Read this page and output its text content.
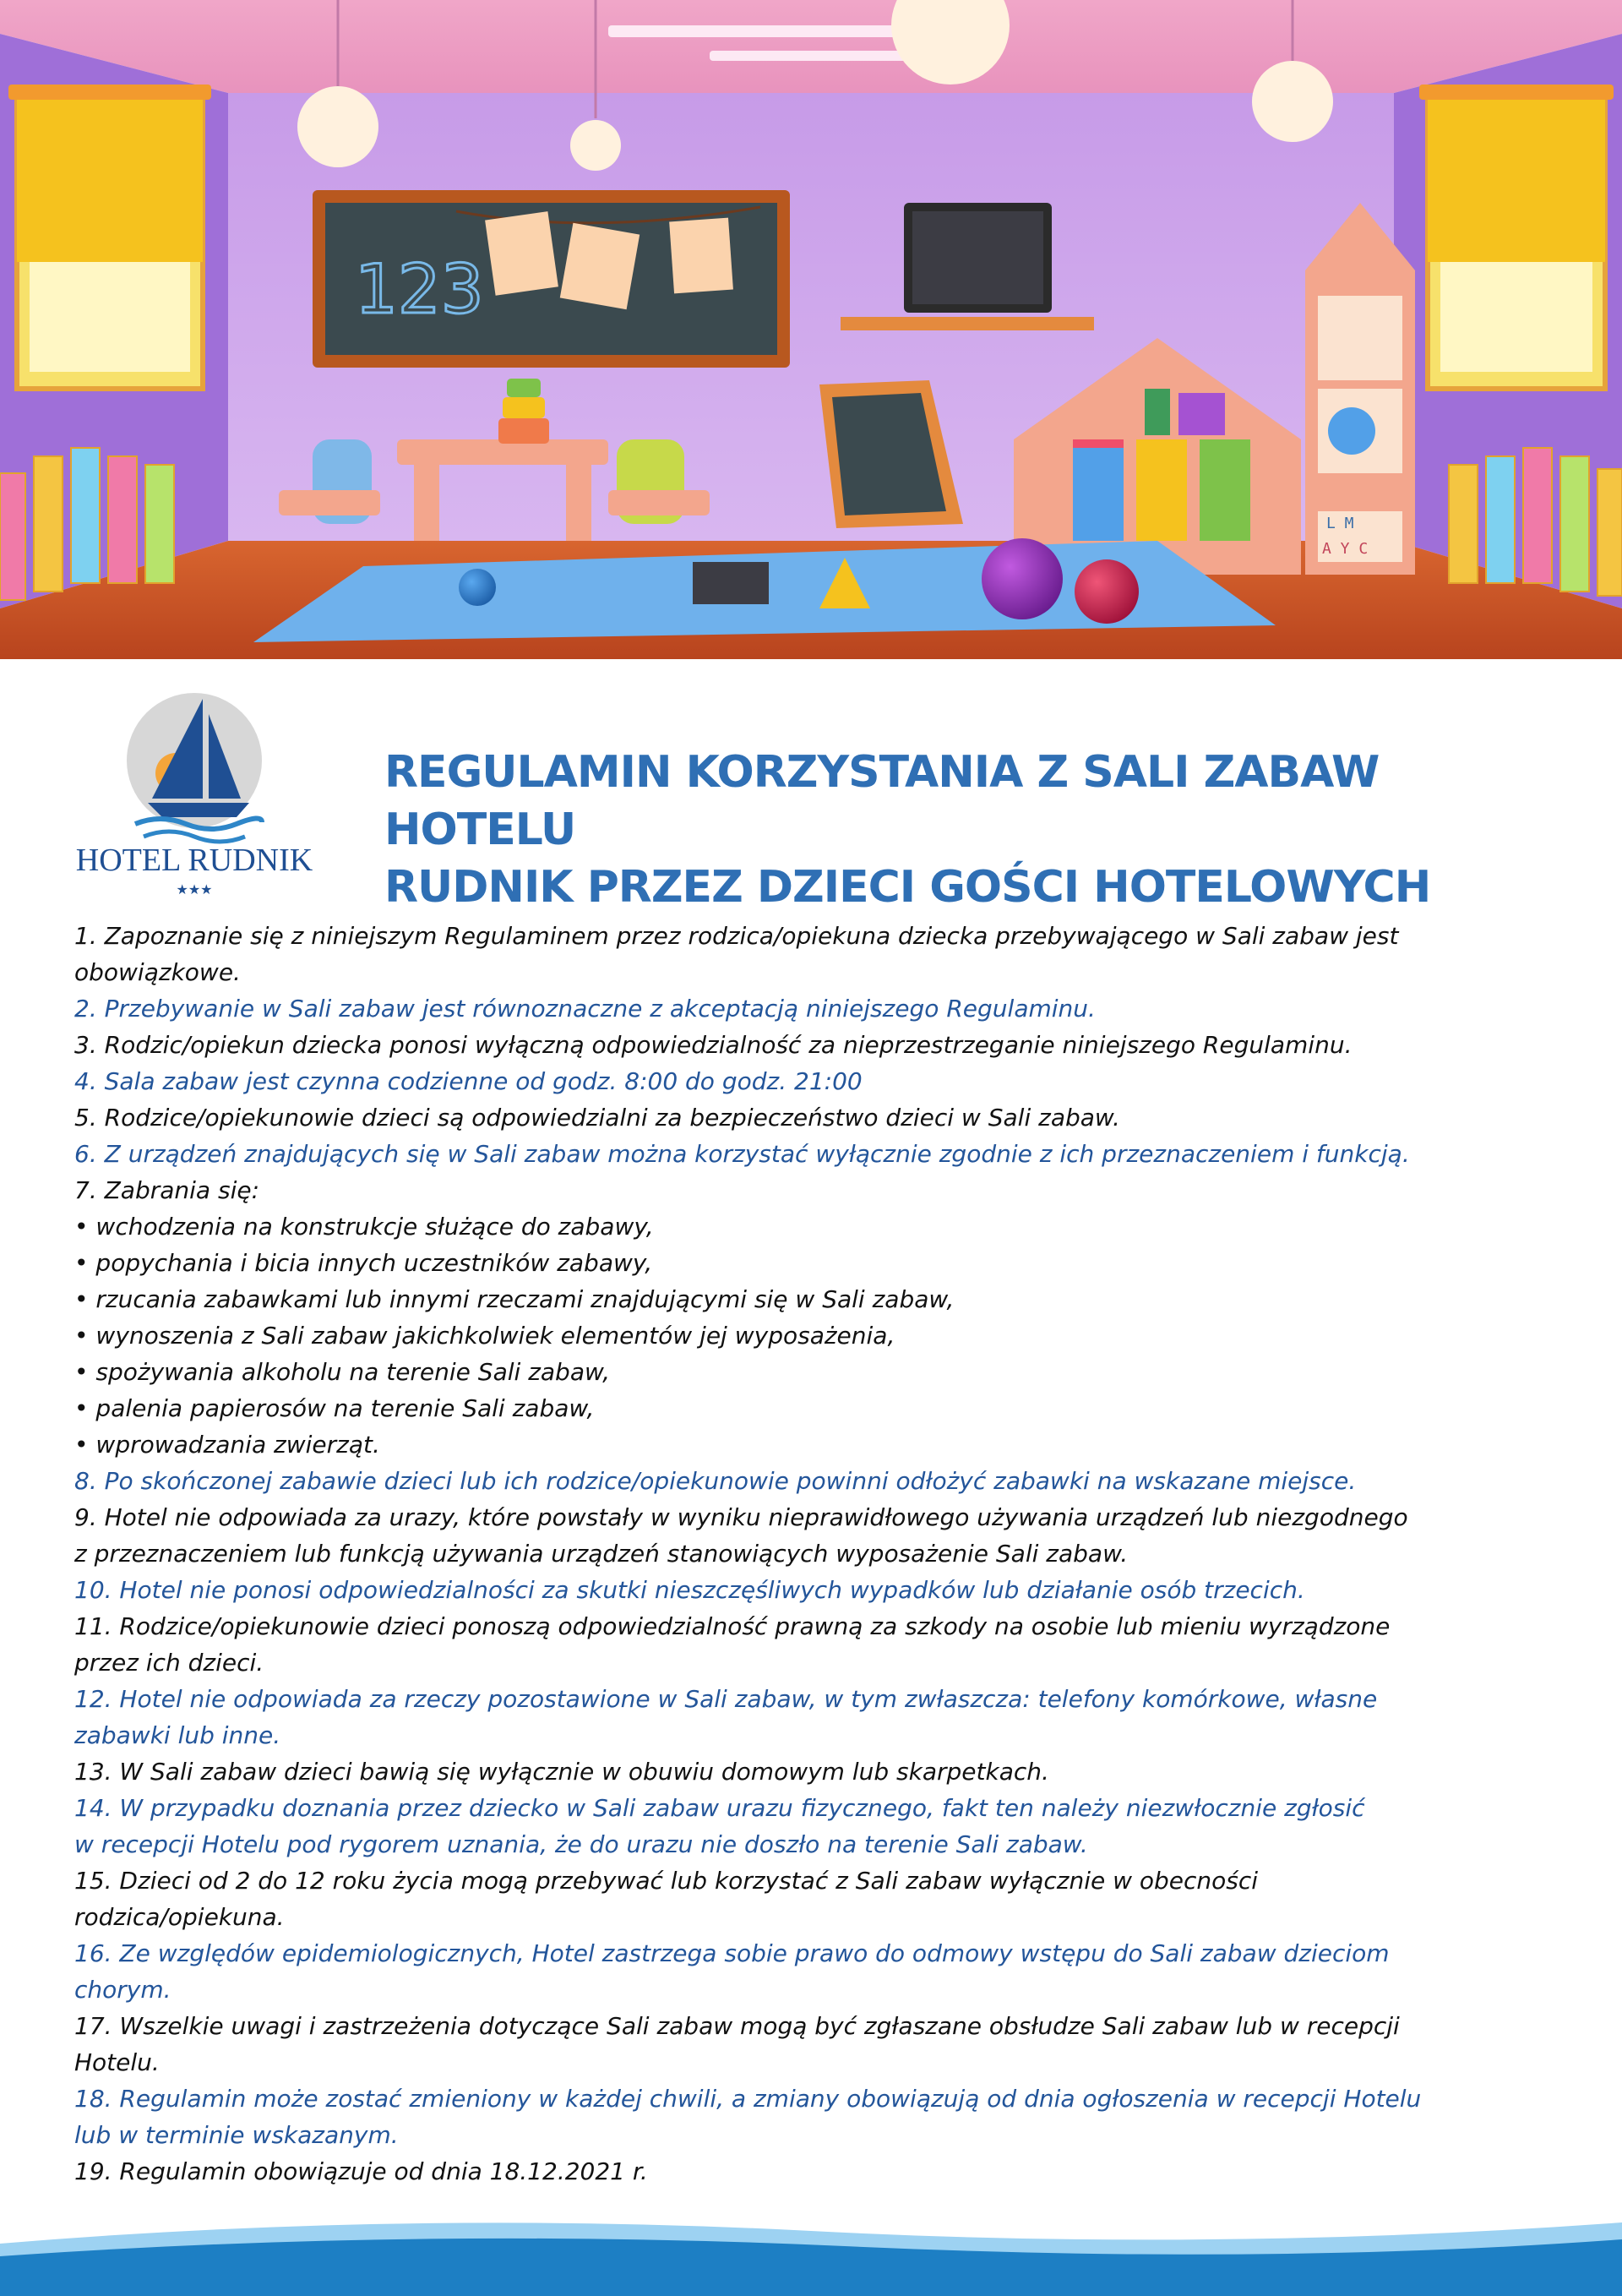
123
L M
A Y C
HOTEL RUDNIK
★★★
REGULAMIN KORZYSTANIA Z SALI ZABAW HOTELU
RUDNIK PRZEZ DZIECI GOŚCI HOTELOWYCH
1. Zapoznanie się z niniejszym Regulaminem przez rodzica/opiekuna dziecka przebywającego w Sali zabaw jest
obowiązkowe.
2. Przebywanie w Sali zabaw jest równoznaczne z akceptacją niniejszego Regulaminu.
3. Rodzic/opiekun dziecka ponosi wyłączną odpowiedzialność za nieprzestrzeganie niniejszego Regulaminu.
4. Sala zabaw jest czynna codzienne od godz. 8:00 do godz. 21:00
5. Rodzice/opiekunowie dzieci są odpowiedzialni za bezpieczeństwo dzieci w Sali zabaw.
6. Z urządzeń znajdujących się w Sali zabaw można korzystać wyłącznie zgodnie z ich przeznaczeniem i funkcją.
7. Zabrania się:
• wchodzenia na konstrukcje służące do zabawy,
• popychania i bicia innych uczestników zabawy,
• rzucania zabawkami lub innymi rzeczami znajdującymi się w Sali zabaw,
• wynoszenia z Sali zabaw jakichkolwiek elementów jej wyposażenia,
• spożywania alkoholu na terenie Sali zabaw,
• palenia papierosów na terenie Sali zabaw,
• wprowadzania zwierząt.
8. Po skończonej zabawie dzieci lub ich rodzice/opiekunowie powinni odłożyć zabawki na wskazane miejsce.
9. Hotel nie odpowiada za urazy, które powstały w wyniku nieprawidłowego używania urządzeń lub niezgodnego
z przeznaczeniem lub funkcją używania urządzeń stanowiących wyposażenie Sali zabaw.
10. Hotel nie ponosi odpowiedzialności za skutki nieszczęśliwych wypadków lub działanie osób trzecich.
11. Rodzice/opiekunowie dzieci ponoszą odpowiedzialność prawną za szkody na osobie lub mieniu wyrządzone
przez ich dzieci.
12. Hotel nie odpowiada za rzeczy pozostawione w Sali zabaw, w tym zwłaszcza: telefony komórkowe, własne
zabawki lub inne.
13. W Sali zabaw dzieci bawią się wyłącznie w obuwiu domowym lub skarpetkach.
14. W przypadku doznania przez dziecko w Sali zabaw urazu fizycznego, fakt ten należy niezwłocznie zgłosić
w recepcji Hotelu pod rygorem uznania, że do urazu nie doszło na terenie Sali zabaw.
15. Dzieci od 2 do 12 roku życia mogą przebywać lub korzystać z Sali zabaw wyłącznie w obecności
rodzica/opiekuna.
16. Ze względów epidemiologicznych, Hotel zastrzega sobie prawo do odmowy wstępu do Sali zabaw dzieciom
chorym.
17. Wszelkie uwagi i zastrzeżenia dotyczące Sali zabaw mogą być zgłaszane obsłudze Sali zabaw lub w recepcji
Hotelu.
18. Regulamin może zostać zmieniony w każdej chwili, a zmiany obowiązują od dnia ogłoszenia w recepcji Hotelu
lub w terminie wskazanym.
19. Regulamin obowiązuje od dnia 18.12.2021 r.
